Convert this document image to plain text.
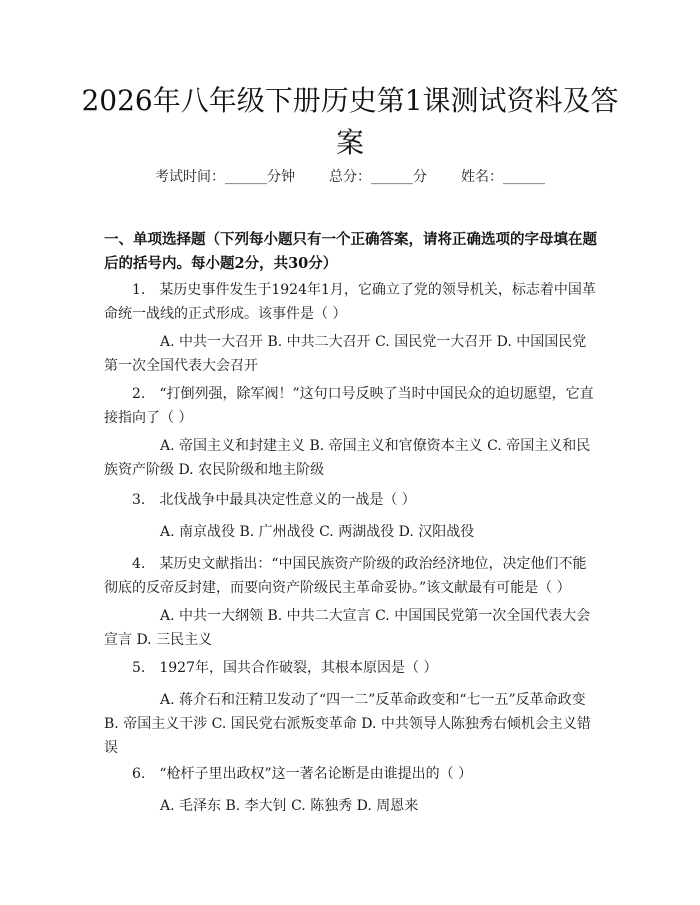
2026年八年级下册历史第1课测试资料及答案
考试时间：______分钟 总分：______分 姓名：______
一、单项选择题（下列每小题只有一个正确答案，请将正确选项的字母填在题后的括号内。每小题2分，共30分）
1. 某历史事件发生于1924年1月，它确立了党的领导机关，标志着中国革命统一战线的正式形成。该事件是（ ）
A. 中共一大召开 B. 中共二大召开 C. 国民党一大召开 D. 中国国民党第一次全国代表大会召开
2. “打倒列强，除军阀！”这句口号反映了当时中国民众的迫切愿望，它直接指向了（ ）
A. 帝国主义和封建主义 B. 帝国主义和官僚资本主义 C. 帝国主义和民族资产阶级 D. 农民阶级和地主阶级
3. 北伐战争中最具决定性意义的一战是（ ）
A. 南京战役 B. 广州战役 C. 两湖战役 D. 汉阳战役
4. 某历史文献指出：“中国民族资产阶级的政治经济地位，决定他们不能彻底的反帝反封建，而要向资产阶级民主革命妥协。”该文献最有可能是（ ）
A. 中共一大纲领 B. 中共二大宣言 C. 中国国民党第一次全国代表大会宣言 D. 三民主义
5. 1927年，国共合作破裂，其根本原因是（ ）
A. 蒋介石和汪精卫发动了“四一二”反革命政变和“七一五”反革命政变 B. 帝国主义干涉 C. 国民党右派叛变革命 D. 中共领导人陈独秀右倾机会主义错误
6. “枪杆子里出政权”这一著名论断是由谁提出的（ ）
A. 毛泽东 B. 李大钊 C. 陈独秀 D. 周恩来
